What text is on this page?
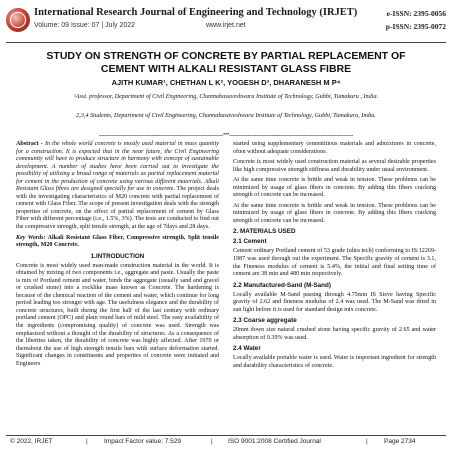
International Research Journal of Engineering and Technology (IRJET)
Volume: 09 Issue: 07 | July 2022	www.irjet.net
e-ISSN: 2395-0056
p-ISSN: 2395-0072
STUDY ON STRENGTH OF CONCRETE BY PARTIAL REPLACEMENT OF
CEMENT WITH ALKALI RESISTANT GLASS FIBRE
AJITH KUMAR¹, CHETHAN L K², YOGESH D³, DHARANESH M P⁴
¹Asst. professor, Department of Civil Engineering, Channabasaveshwara Institute of Technology, Gubbi, Tumakuru , India.
2,3,4 Students, Department of Civil Engineering, Channabasaveshwara Institute of Technology, Gubbi, Tumakuru, India.
-------------------------------------------------------------------------***-------------------------------------------------------------------------

Abstract - In the whole world concrete is mostly used material in mass quantity for a construction. It is expected that in the near future, the Civil Engineering community will have to produce structure in harmony with concept of sustainable development. A number of studies have been carried out to investigate the possibility of utilizing a broad range of materials as partial replacement material for cement in the production of concrete using various different materials. Alkali Resistant Glass fibres are designed specially for use in concrete. The project deals with the investigating characteristics of M20 concrete with partial replacement of cement with Glass Fiber. The scope of present investigation deals with the strength properties of concrete, on the effect of partial replacement of cement by Glass Fiber with different percentage (i.e., 1.5%, 3%). The tests are conducted to find out the compressive strength, split tensile strength, at the age of 7days and 28 days.

Key Words: Alkali Resistant Glass Fiber, Compressive strength, Split tensile strength, M20 Concrete.

1.INTRODUCTION

Concrete is most widely used man-made construction material in the world. It is obtained by mixing of two components i.e., aggregate and paste. Usually the paste is mix of Portland cement and water, binds the aggregate (usually sand and gravel or crushed stone) into a rocklike mass known as Concrete. The hardening is because of the chemical reaction of the cement and water, which continue for long period leading too stronger with age. The usefulness elegance and the durability of concrete structures, built during the first half of the last century with ordinary portland cement (OPC) and plain round bars of mild steel. The easy availability of the ingredients (compromising quality) of concrete was used. Strength was emphasized without a thought of the durability of structures. As a consequence of the liberties taken, the durability of concrete was highly affected. After 1970 or thereabout the use of high strength tensile bars with surface deformation started. Significant changes in constituents and properties of concrete were initiated and Engineers

started using supplementary cementitious materials and admixtures in concrete, often without adequate considerations.

Concrete is most widely used construction material as several desirable properties like high compressive strength stiffness and durability under usual environment.

At the same time concrete is brittle and weak in tension. These problems can be minimized by usage of glass fibers in concrete. By adding this fibers cracking strength of concrete can be increased.

At the same time concrete is brittle and weak in tension. These problems can be minimized by usage of glass fibers in concrete. By adding this fibers cracking strength of concrete can be increased.

2. MATERIALS USED
2.1 Cement

Cement ordinary Portland cement of 53 grade (ultra tech) conforming to IS:12269-1987 was used through out the experiment. The Specific gravity of cement is 3.1, the Fineness modulus of cement is 5.4%, the initial and final setting time of cement are 38 min and 480 min respectively.

2.2 Manufactured-Sand (M-Sand)

Locally available M-Sand passing through 4.75mm IS Sieve having Specific gravity of 2.62 and fineness modulus of 2.4 was used. The M-Sand was dried in sun light before it is used for standard design mix concrete.

2.3 Coarse aggregate

20mm down size natural crushed stone having specific gravity of 2.65 and water absorption of 0.39% was used.

2.4 Water

Locally available portable water is used. Water is important ingredient for strength and durability characteristics of concrete.

© 2022, IRJET	|	Impact Factor value: 7.529	| ISO 9001:2008 Certified Journal	|	Page 2734
